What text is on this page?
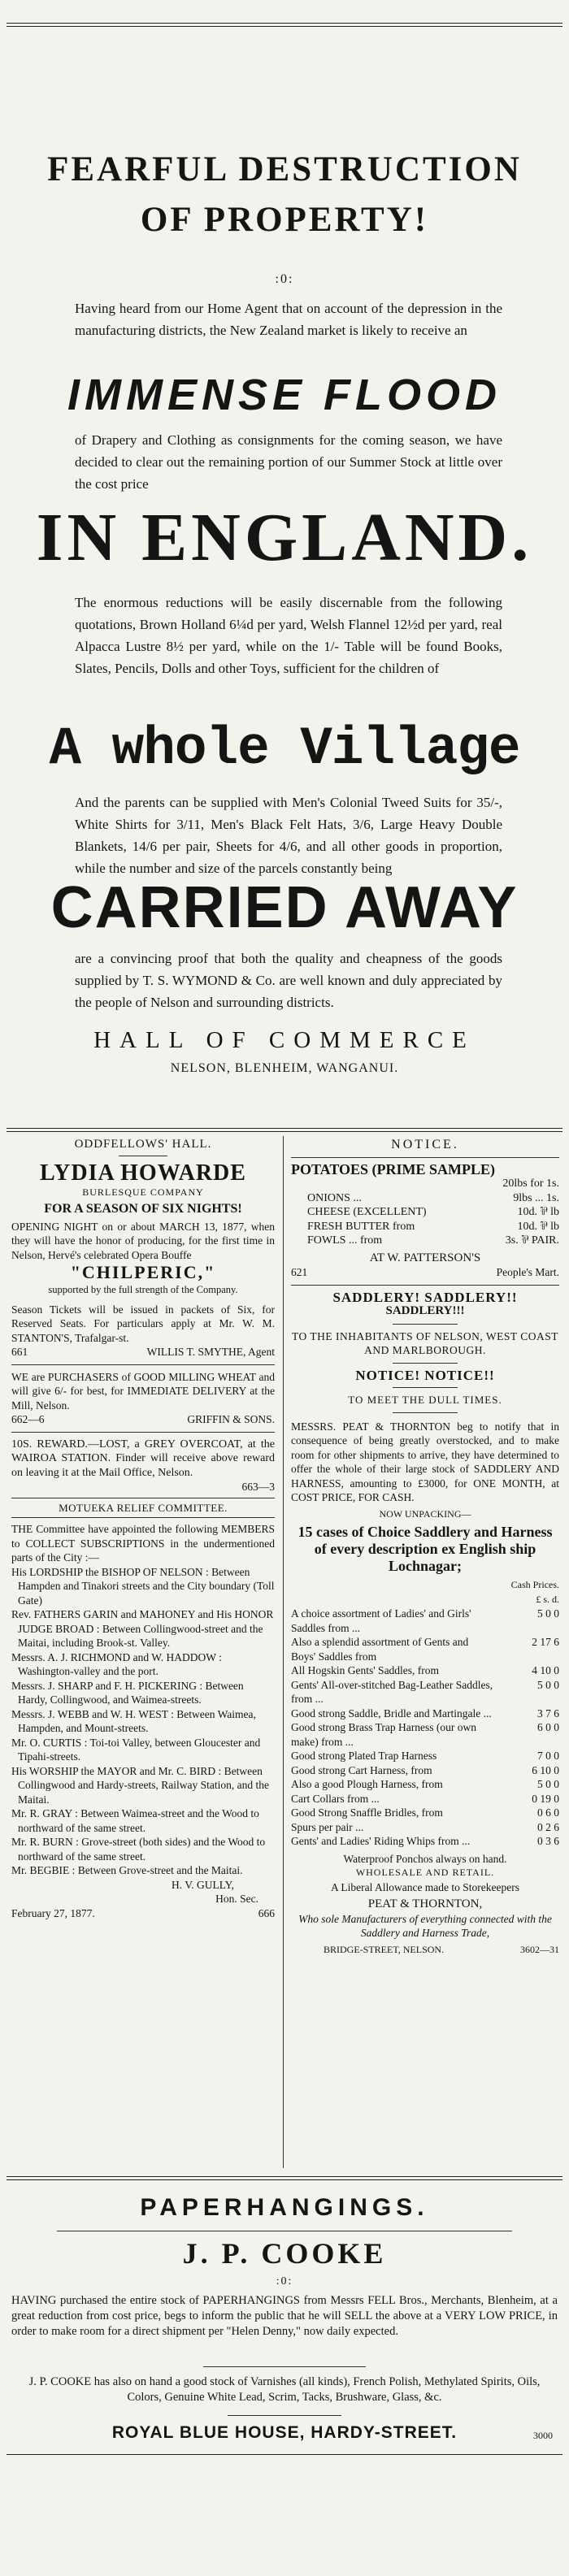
FEARFUL DESTRUCTION
OF PROPERTY!
:0:
Having heard from our Home Agent that on account of the depression in the manufacturing districts, the New Zealand market is likely to receive an
IMMENSE FLOOD
of Drapery and Clothing as consignments for the coming season, we have decided to clear out the remaining portion of our Summer Stock at little over the cost price
IN ENGLAND.
The enormous reductions will be easily discernable from the following quotations, Brown Holland 6¼d per yard, Welsh Flannel 12½d per yard, real Alpacca Lustre 8½ per yard, while on the 1/- Table will be found Books, Slates, Pencils, Dolls and other Toys, sufficient for the children of
A whole Village
And the parents can be supplied with Men's Colonial Tweed Suits for 35/-, White Shirts for 3/11, Men's Black Felt Hats, 3/6, Large Heavy Double Blankets, 14/6 per pair, Sheets for 4/6, and all other goods in proportion, while the number and size of the parcels constantly being
CARRIED AWAY
are a convincing proof that both the quality and cheapness of the goods supplied by T. S. WYMOND & Co. are well known and duly appreciated by the people of Nelson and surrounding districts.
HALL OF COMMERCE
NELSON, BLENHEIM, WANGANUI.
ODDFELLOWS' HALL.
LYDIA HOWARDE
BURLESQUE COMPANY
FOR A SEASON OF SIX NIGHTS!

OPENING NIGHT on or about MARCH 13, 1877, when they will have the honor of producing, for the first time in Nelson, Hervé's celebrated Opera Bouffe

"CHILPERIC,"
supported by the full strength of the Company.

Season Tickets will be issued in packets of Six, for Reserved Seats. For particulars apply at Mr. W. M. STANTON'S, Trafalgar-st.

661	WILLIS T. SMYTHE, Agent

WE are PURCHASERS of GOOD MILLING WHEAT and will give 6/- for best, for IMMEDIATE DELIVERY at the Mill, Nelson.

662—6	GRIFFIN & SONS.

10S. REWARD.—LOST, a GREY OVERCOAT, at the WAIROA STATION. Finder will receive above reward on leaving it at the Mail Office, Nelson.

663—3
MOTUEKA RELIEF COMMITTEE.

THE Committee have appointed the following MEMBERS to COLLECT SUBSCRIPTIONS in the undermentioned parts of the City :—

His LORDSHIP the BISHOP OF NELSON : Between Hampden and Tinakori streets and the City boundary (Toll Gate)

Rev. FATHERS GARIN and MAHONEY and His HONOR JUDGE BROAD : Between Collingwood-street and the Maitai, including Brook-st. Valley.

Messrs. A. J. RICHMOND and W. HADDOW : Washington-valley and the port.

Messrs. J. SHARP and F. H. PICKERING : Between Hardy, Collingwood, and Waimea-streets.

Messrs. J. WEBB and W. H. WEST : Between Waimea, Hampden, and Mount-streets.

Mr. O. CURTIS : Toi-toi Valley, between Gloucester and Tipahi-streets.

His WORSHIP the MAYOR and Mr. C. BIRD : Between Collingwood and Hardy-streets, Railway Station, and the Maitai.

Mr. R. GRAY : Between Waimea-street and the Wood to northward of the same street.

Mr. R. BURN : Grove-street (both sides) and the Wood to northward of the same street.

Mr. BEGBIE : Between Grove-street and the Maitai.

H. V. GULLY,
Hon. Sec.
February 27, 1877.	666
NOTICE.
POTATOES (PRIME SAMPLE)
20lbs for 1s.
ONIONS ...	9lbs ... 1s.
CHEESE (EXCELLENT)	10d. ⅌ lb
FRESH BUTTER from	10d. ⅌ lb
FOWLS ... from	3s. ⅌ PAIR.
AT W. PATTERSON'S
621	People's Mart.
SADDLERY! SADDLERY!!
SADDLERY!!!
TO THE INHABITANTS OF NELSON, WEST COAST AND MARLBOROUGH.
NOTICE! NOTICE!!
TO MEET THE DULL TIMES.

MESSRS. PEAT & THORNTON beg to notify that in consequence of being greatly overstocked, and to make room for other shipments to arrive, they have determined to offer the whole of their large stock of SADDLERY AND HARNESS, amounting to £3000, for ONE MONTH, at COST PRICE, FOR CASH.

NOW UNPACKING—
15 cases of Choice Saddlery and Harness of every description ex English ship Lochnagar;
Cash Prices.
£ s. d.
A choice assortment of Ladies' and Girls' Saddles from ...
5 0 0
Also a splendid assortment of Gents and Boys' Saddles from
2 17 6
All Hogskin Gents' Saddles, from	4 10 0
Gents' All-over-stitched Bag-Leather Saddles, from ...
5 0 0
Good strong Saddle, Bridle and Martingale ...	3 7 6
Good strong Brass Trap Harness (our own make) from ...
6 0 0
Good strong Plated Trap Harness	7 0 0
Good strong Cart Harness, from	6 10 0
Also a good Plough Harness, from	5 0 0
Cart Collars from ...	0 19 0
Good Strong Snaffle Bridles, from	0 6 0
Spurs per pair ...	0 2 6
Gents' and Ladies' Riding Whips from ...	0 3 6
Waterproof Ponchos always on hand.
WHOLESALE AND RETAIL.
A Liberal Allowance made to Storekeepers
PEAT & THORNTON,
Who sole Manufacturers of everything connected with the Saddlery and Harness Trade,
BRIDGE-STREET, NELSON.	3602—31
PAPERHANGINGS.
J. P. COOKE
:0:
HAVING purchased the entire stock of PAPERHANGINGS from Messrs FELL Bros., Merchants, Blenheim, at a great reduction from cost price, begs to inform the public that he will SELL the above at a VERY LOW PRICE, in order to make room for a direct shipment per "Helen Denny," now daily expected.
J. P. COOKE has also on hand a good stock of Varnishes (all kinds), French Polish, Methylated Spirits, Oils, Colors, Genuine White Lead, Scrim, Tacks, Brushware, Glass, &c.
ROYAL BLUE HOUSE, HARDY-STREET.	3000
